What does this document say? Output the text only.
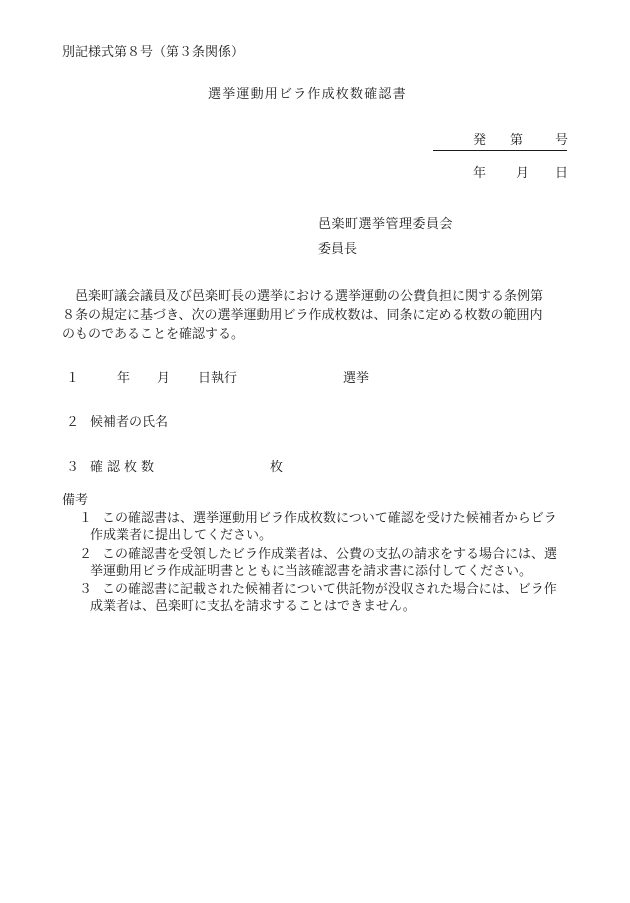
別記様式第８号（第３条関係）
選挙運動用ビラ作成枚数確認書
発 第 号
年 月 日
邑楽町選挙管理委員会
委員長
邑楽町議会議員及び邑楽町長の選挙における選挙運動の公費負担に関する条例第
８条の規定に基づき、次の選挙運動用ビラ作成枚数は、同条に定める枚数の範囲内
のものであることを確認する。
１	年 月 日執行	選挙
２ 候補者の氏名
３ 確認枚数	枚
備考
１ この確認書は、選挙運動用ビラ作成枚数について確認を受けた候補者からビラ
作成業者に提出してください。
２ この確認書を受領したビラ作成業者は、公費の支払の請求をする場合には、選
挙運動用ビラ作成証明書とともに当該確認書を請求書に添付してください。
３ この確認書に記載された候補者について供託物が没収された場合には、ビラ作
成業者は、邑楽町に支払を請求することはできません。
